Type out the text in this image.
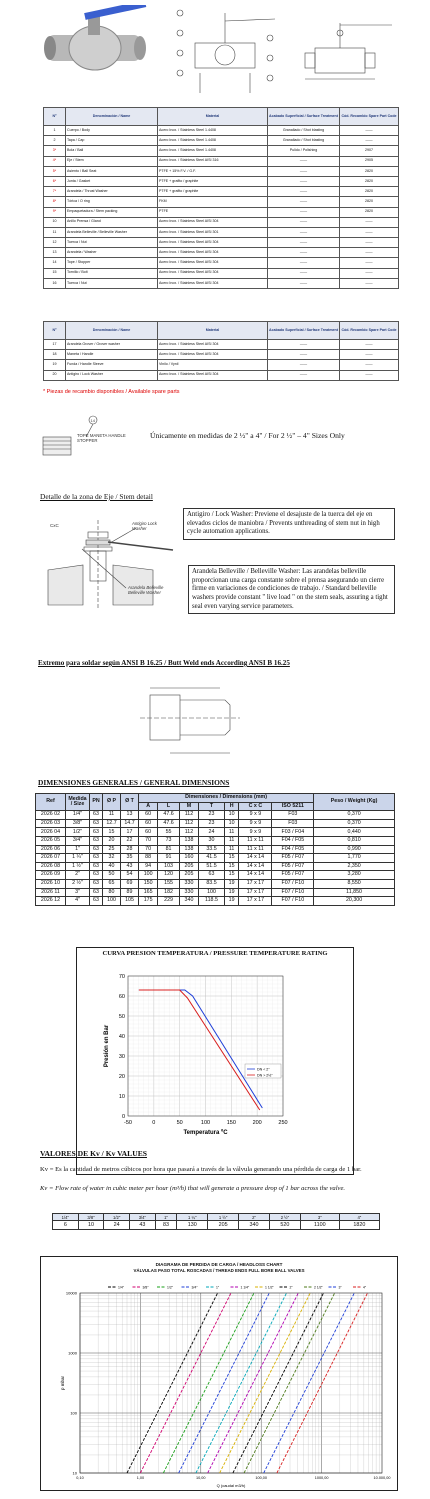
Nº	Denominación / Name	Material	Acabado Superficial / Surface Treatment	Cód. Recambio Spare Part Code
1	Cuerpo / Body	Acero Inox. / Stainless Steel 1.4408	Granallado / Shot blasting	——
2	Tapa / Cap	Acero Inox. / Stainless Steel 1.4408	Granallado / Shot blasting	——
3*	Bola / Ball	Acero Inox. / Stainless Steel 1.4408	Pulido / Polishing	2907
4*	Eje / Stem	Acero Inox. / Stainless Steel AISI 316	——	2905
5*	Asiento / Ball Seat	PTFE + 15% F.V. / G.F.	——	2820
6*	Junta / Gasket	PTFE + grafito / graphite	——	2820
7*	Arandela / Thrust Washer	PTFE + grafito / graphite	——	2820
8*	Tórica / O ring	FKM	——	2820
9*	Empaquetadura / Stem packing	PTFE	——	2820
10	Anillo Prensa / Gland	Acero Inox. / Stainless Steel AISI 304	——	——
11	Arandela Belleville / Belleville Washer	Acero Inox. / Stainless Steel AISI 301	——	——
12	Tuerca / Nut	Acero Inox. / Stainless Steel AISI 304	——	——
13	Arandela / Washer	Acero Inox. / Stainless Steel AISI 304	——	——
14	Tope / Stopper	Acero Inox. / Stainless Steel AISI 304	——	——
15	Tornillo / Bolt	Acero Inox. / Stainless Steel AISI 304	——	——
16	Tuerca / Nut	Acero Inox. / Stainless Steel AISI 304	——	——
Nº	Denominación / Name	Material	Acabado Superficial / Surface Treatment	Cód. Recambio Spare Part Code
17	Arandela Grover / Grover washer	Acero Inox. / Stainless Steel AISI 304	——	——
18	Maneta / Handle	Acero Inox. / Stainless Steel AISI 304	——	——
19	Funda / Handle Sleeve	Vinilo / Vynil	——	——
20	Antigiro / Lock Washer	Acero Inox. / Stainless Steel AISI 304	——	——
* Piezas de recambio disponibles / Available spare parts
14
TOPE MANETA HANDLE STOPPER
Únicamente en medidas de 2 ½" a 4" / For 2 ½" – 4" Sizes Only
Detalle de la zona de Eje / Stem detail
CxC	Antigiro Lock Washer
Arandela Belleville Belleville Washer
Antigiro / Lock Washer: Previene el desajuste de la tuerca del eje en elevados ciclos de maniobra / Prevents unthreading of stem nut in high cycle automation applications.
Arandela Belleville / Belleville Washer: Las arandelas belleville proporcionan una carga constante sobre el prensa asegurando un cierre firme en variaciones de condiciones de trabajo. / Standard belleville washers provide constant " live load " on the stem seals, assuring a tight seal even varying service parameters.
Extremo para soldar según ANSI B 16.25 / Butt Weld ends According ANSI B 16.25
DIMENSIONES GENERALES / GENERAL DIMENSIONS
Ref	Medida / Size	PN	Ø P	Ø T	Dimensiones / Dimensions (mm)							Peso / Weight (Kg)
					A	L	M	T	H	C x C	ISO 5211	
2026 02	1/4"	63	11	13	60	47.6	112	23	10	9 x 9	F03	0,370
2026 03	3/8"	63	12.7	14.7	60	47.6	112	23	10	9 x 9	F03	0,370
2026 04	1/2"	63	15	17	60	55	112	24	11	9 x 9	F03 / F04	0,440
2026 05	3/4"	63	20	22	70	73	138	30	11	11 x 11	F04 / F05	0,810
2026 06	1"	63	25	28	70	81	138	33.5	11	11 x 11	F04 / F05	0,990
2026 07	1 ¼"	63	32	35	88	91	160	41.5	15	14 x 14	F05 / F07	1,770
2026 08	1 ½"	63	40	43	94	103	205	51.5	15	14 x 14	F05 / F07	2,350
2026 09	2"	63	50	54	100	120	205	63	15	14 x 14	F05 / F07	3,280
2026 10	2 ½"	63	65	69	150	155	330	83.5	19	17 x 17	F07 / F10	8,550
2026 11	3"	63	80	89	165	182	330	100	19	17 x 17	F07 / F10	11,850
2026 12	4"	63	100	105	175	229	340	118.5	19	17 x 17	F07 / F10	20,300
CURVA PRESION TEMPERATURA / PRESSURE TEMPERATURE RATING
-50	0	50	100	150	200	250
0
10
20
30
40
50
60
70
DN < 2"
DN > 2½"
Temperatura ºC
Presión en Bar
VALORES DE Kv / Kv VALUES
Kv = Es la cantidad de metros cúbicos por hora que pasará a través de la válvula generando una pérdida de carga de 1 bar.
Kv = Flow rate of water in cubic meter per hour (m³/h) that will generate a pressure drop of 1 bar across the valve.
1/4"	3/8"	1/2"	3/4"	1"	1 ¼"	1 ½"	2"	2 ½"	3"	4"
6	10	24	43	83	130	205	340	520	1100	1820
DIAGRAMA DE PERDIDA DE CARGA / HEADLOSS CHART
VÁLVULAS PASO TOTAL ROSCADAS / THREAD ENDS FULL BORE BALL VALVES
0,10	1,00	10,00	100,00	1000,00	10.000,00
10
100
1000
10000
Q (caudal m3/h)
p mbar
1/4"	3/8"	1/2"	3/4"	1"	1 1/4"	1 1/2"	2"	2 1/2"	3"	4"
